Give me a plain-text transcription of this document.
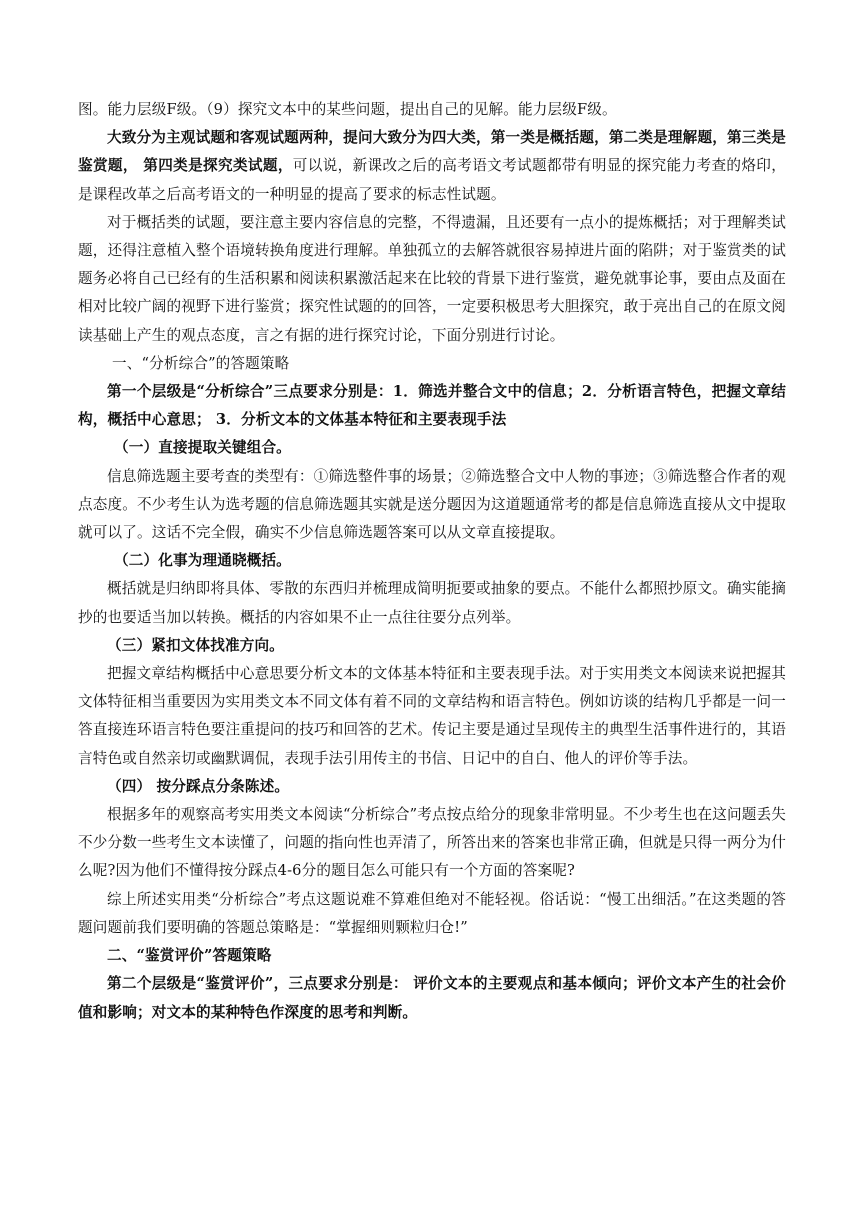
图。能力层级F级。（9）探究文本中的某些问题，提出自己的见解。能力层级F级。

大致分为主观试题和客观试题两种，提问大致分为四大类，第一类是概括题，第二类是理解题，第三类是鉴赏题， 第四类是探究类试题，可以说，新课改之后的高考语文考试题都带有明显的探究能力考查的烙印，是课程改革之后高考语文的一种明显的提高了要求的标志性试题。

对于概括类的试题，要注意主要内容信息的完整，不得遗漏，且还要有一点小的提炼概括；对于理解类试题，还得注意植入整个语境转换角度进行理解。单独孤立的去解答就很容易掉进片面的陷阱；对于鉴赏类的试题务必将自己已经有的生活积累和阅读积累激活起来在比较的背景下进行鉴赏，避免就事论事，要由点及面在相对比较广阔的视野下进行鉴赏；探究性试题的的回答，一定要积极思考大胆探究，敢于亮出自己的在原文阅读基础上产生的观点态度，言之有据的进行探究讨论，下面分别进行讨论。

一、“分析综合”的答题策略

第一个层级是“分析综合”三点要求分别是：1．筛选并整合文中的信息；2．分析语言特色，把握文章结构，概括中心意思； 3．分析文本的文体基本特征和主要表现手法

（一）直接提取关键组合。

信息筛选题主要考查的类型有：①筛选整件事的场景；②筛选整合文中人物的事迹；③筛选整合作者的观点态度。不少考生认为选考题的信息筛选题其实就是送分题因为这道题通常考的都是信息筛选直接从文中提取就可以了。这话不完全假，确实不少信息筛选题答案可以从文章直接提取。

（二）化事为理通晓概括。

概括就是归纳即将具体、零散的东西归并梳理成简明扼要或抽象的要点。不能什么都照抄原文。确实能摘抄的也要适当加以转换。概括的内容如果不止一点往往要分点列举。

（三）紧扣文体找准方向。

把握文章结构概括中心意思要分析文本的文体基本特征和主要表现手法。对于实用类文本阅读来说把握其文体特征相当重要因为实用类文本不同文体有着不同的文章结构和语言特色。例如访谈的结构几乎都是一问一答直接连环语言特色要注重提问的技巧和回答的艺术。传记主要是通过呈现传主的典型生活事件进行的，其语言特色或自然亲切或幽默调侃，表现手法引用传主的书信、日记中的自白、他人的评价等手法。

（四） 按分踩点分条陈述。

根据多年的观察高考实用类文本阅读“分析综合”考点按点给分的现象非常明显。不少考生也在这问题丢失不少分数一些考生文本读懂了，问题的指向性也弄清了，所答出来的答案也非常正确，但就是只得一两分为什么呢?因为他们不懂得按分踩点4-6分的题目怎么可能只有一个方面的答案呢?

综上所述实用类“分析综合”考点这题说难不算难但绝对不能轻视。俗话说：“慢工出细活。”在这类题的答题问题前我们要明确的答题总策略是：“掌握细则颗粒归仓!”

二、“鉴赏评价”答题策略

第二个层级是“鉴赏评价”，三点要求分别是： 评价文本的主要观点和基本倾向；评价文本产生的社会价值和影响；对文本的某种特色作深度的思考和判断。
